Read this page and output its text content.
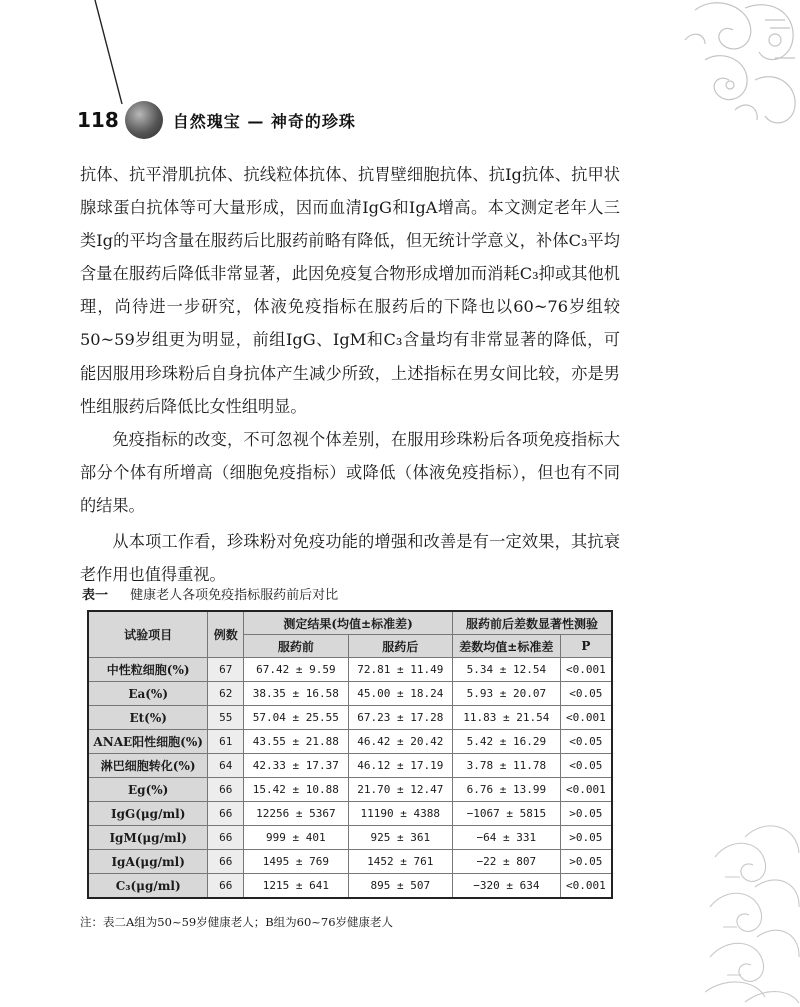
118	自然瑰宝 — 神奇的珍珠

抗体、抗平滑肌抗体、抗线粒体抗体、抗胃壁细胞抗体、抗Ig抗体、抗甲状腺球蛋白抗体等可大量形成，因而血清IgG和IgA增高。本文测定老年人三类Ig的平均含量在服药后比服药前略有降低，但无统计学意义，补体C₃平均含量在服药后降低非常显著，此因免疫复合物形成增加而消耗C₃抑或其他机理，尚待进一步研究，体液免疫指标在服药后的下降也以60~76岁组较50~59岁组更为明显，前组IgG、IgM和C₃含量均有非常显著的降低，可能因服用珍珠粉后自身抗体产生减少所致，上述指标在男女间比较，亦是男性组服药后降低比女性组明显。

免疫指标的改变，不可忽视个体差别，在服用珍珠粉后各项免疫指标大部分个体有所增高（细胞免疫指标）或降低（体液免疫指标），但也有不同的结果。

从本项工作看，珍珠粉对免疫功能的增强和改善是有一定效果，其抗衰老作用也值得重视。

表一 健康老人各项免疫指标服药前后对比
试验项目	例数	测定结果(均值±标准差)		服药前后差数显著性测验	
		服药前	服药后	差数均值±标准差	P
中性粒细胞(%)	67	67.42 ± 9.59	72.81 ± 11.49	5.34 ± 12.54	<0.001
Ea(%)	62	38.35 ± 16.58	45.00 ± 18.24	5.93 ± 20.07	<0.05
Et(%)	55	57.04 ± 25.55	67.23 ± 17.28	11.83 ± 21.54	<0.001
ANAE阳性细胞(%)	61	43.55 ± 21.88	46.42 ± 20.42	5.42 ± 16.29	<0.05
淋巴细胞转化(%)	64	42.33 ± 17.37	46.12 ± 17.19	3.78 ± 11.78	<0.05
Eg(%)	66	15.42 ± 10.88	21.70 ± 12.47	6.76 ± 13.99	<0.001
IgG(μg/ml)	66	12256 ± 5367	11190 ± 4388	−1067 ± 5815	>0.05
IgM(μg/ml)	66	999 ± 401	925 ± 361	−64 ± 331	>0.05
IgA(μg/ml)	66	1495 ± 769	1452 ± 761	−22 ± 807	>0.05
C₃(μg/ml)	66	1215 ± 641	895 ± 507	−320 ± 634	<0.001
注：表二A组为50~59岁健康老人；B组为60~76岁健康老人
